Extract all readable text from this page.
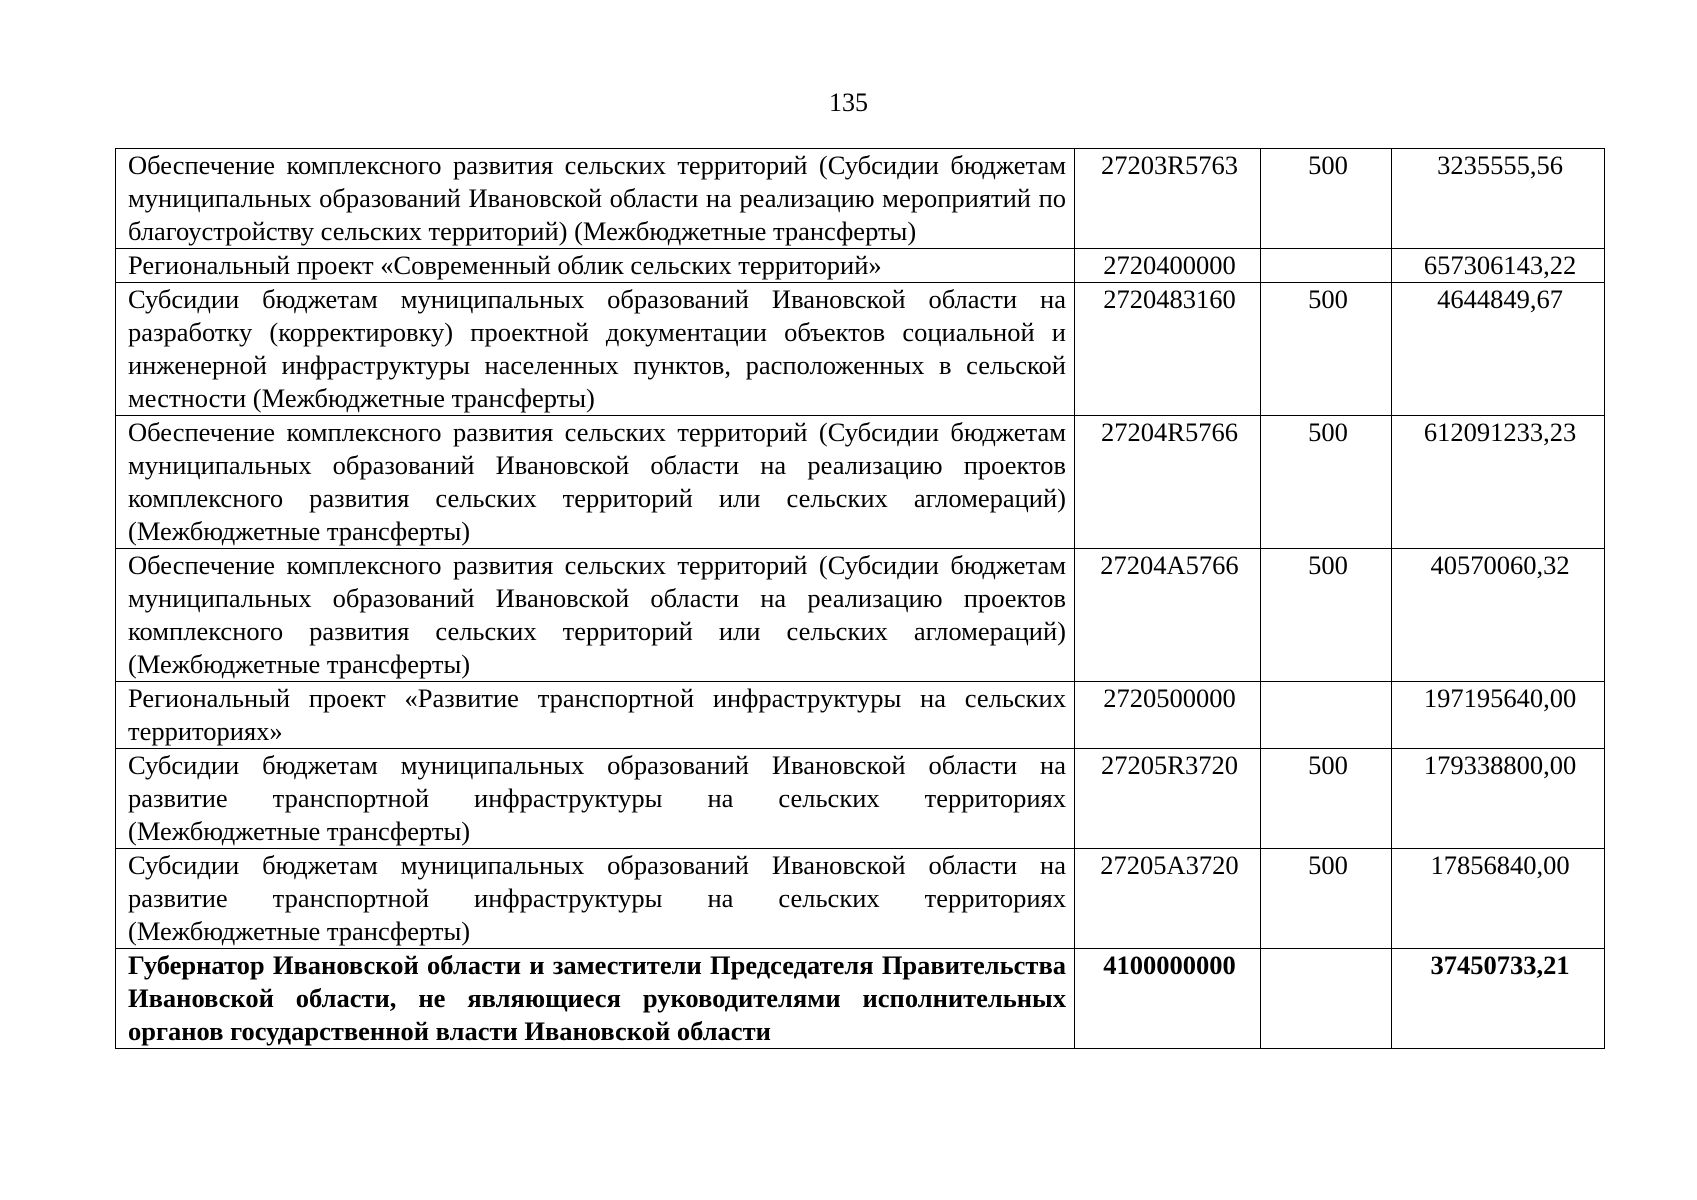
135
Обеспечение комплексного развития сельских территорий (Субсидии бюджетам муниципальных образований Ивановской области на реализацию мероприятий по благоустройству сельских территорий) (Межбюджетные трансферты)	27203R5763	500	3235555,56
Региональный проект «Современный облик сельских территорий»	2720400000		657306143,22
Субсидии бюджетам муниципальных образований Ивановской области на разработку (корректировку) проектной документации объектов социальной и инженерной инфраструктуры населенных пунктов, расположенных в сельской местности (Межбюджетные трансферты)	2720483160	500	4644849,67
Обеспечение комплексного развития сельских территорий (Субсидии бюджетам муниципальных образований Ивановской области на реализацию проектов комплексного развития сельских территорий или сельских агломераций) (Межбюджетные трансферты)	27204R5766	500	612091233,23
Обеспечение комплексного развития сельских территорий (Субсидии бюджетам муниципальных образований Ивановской области на реализацию проектов комплексного развития сельских территорий или сельских агломераций) (Межбюджетные трансферты)	27204A5766	500	40570060,32
Региональный проект «Развитие транспортной инфраструктуры на сельских территориях»	2720500000		197195640,00
Субсидии бюджетам муниципальных образований Ивановской области на развитие транспортной инфраструктуры на сельских территориях (Межбюджетные трансферты)	27205R3720	500	179338800,00
Субсидии бюджетам муниципальных образований Ивановской области на развитие транспортной инфраструктуры на сельских территориях (Межбюджетные трансферты)	27205A3720	500	17856840,00
Губернатор Ивановской области и заместители Председателя Правительства Ивановской области, не являющиеся руководителями исполнительных органов государственной власти Ивановской области	4100000000		37450733,21
